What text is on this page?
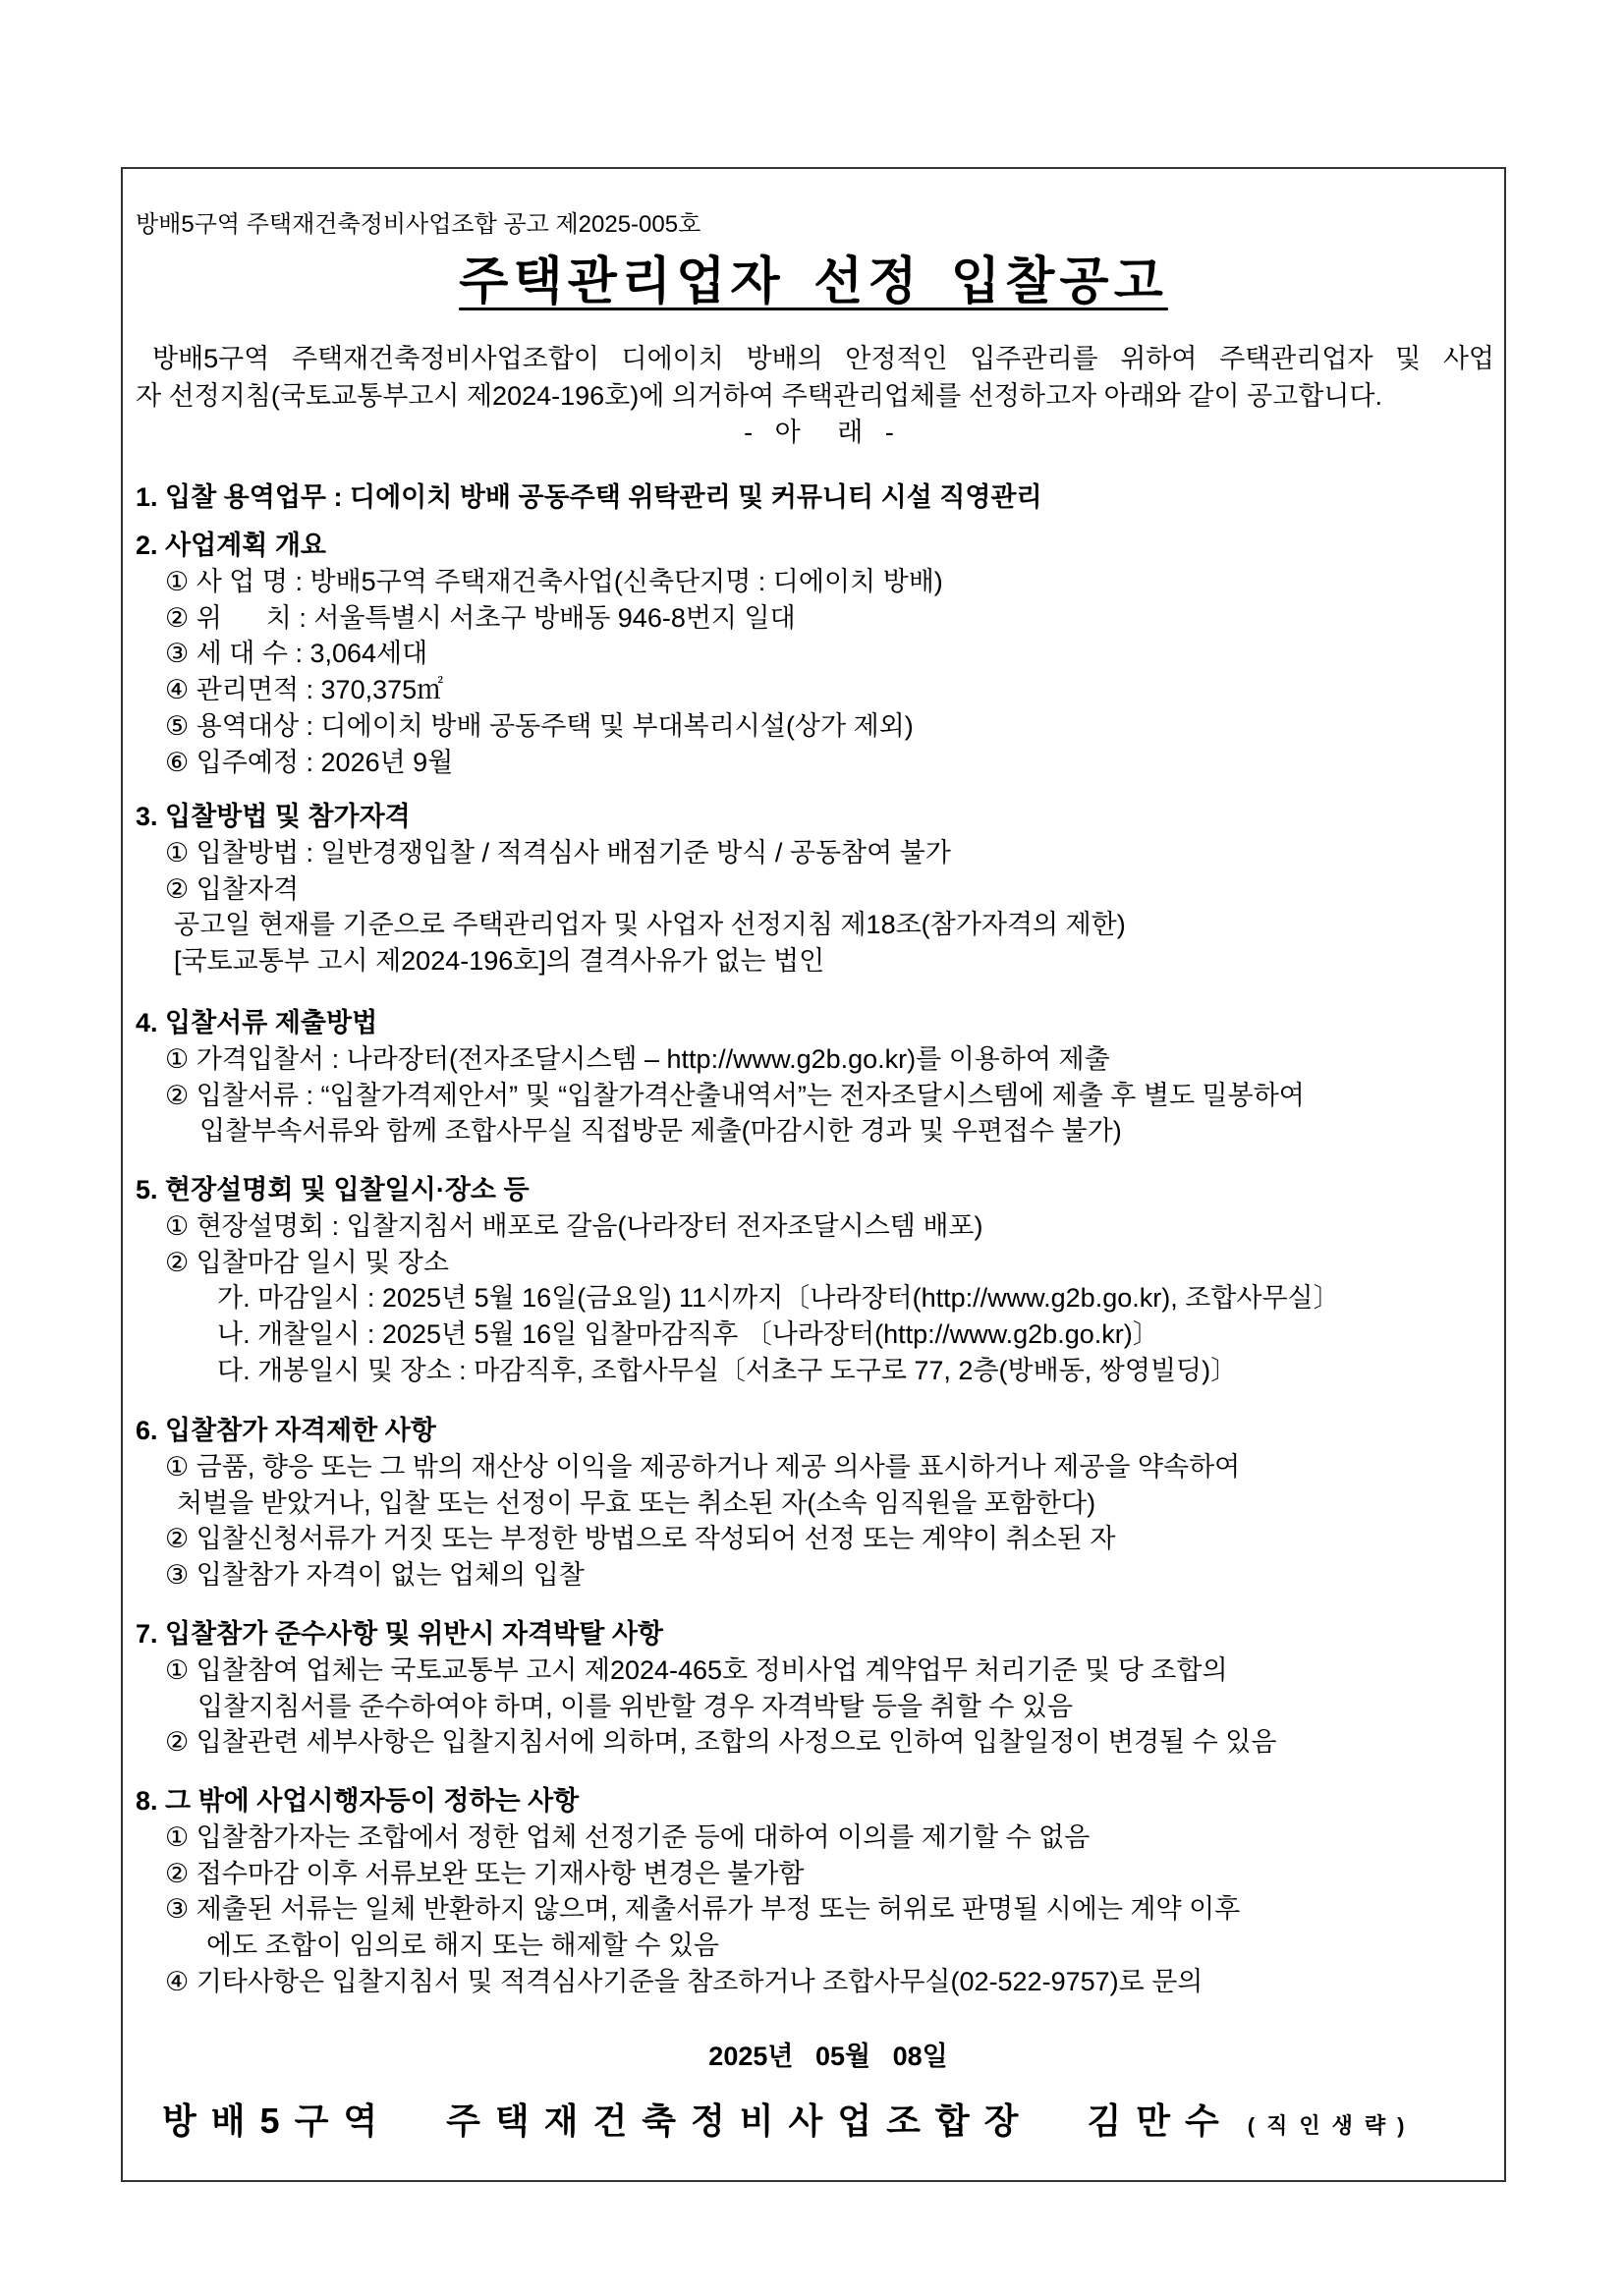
방배5구역 주택재건축정비사업조합 공고 제2025-005호
주택관리업자 선정 입찰공고
방배5구역 주택재건축정비사업조합이 디에이치 방배의 안정적인 입주관리를 위하여 주택관리업자 및 사업
자 선정지침(국토교통부고시 제2024-196호)에 의거하여 주택관리업체를 선정하고자 아래와 같이 공고합니다.
-   아     래   -
1. 입찰 용역업무 : 디에이치 방배 공동주택 위탁관리 및 커뮤니티 시설 직영관리
2. 사업계획 개요
① 사 업 명 : 방배5구역 주택재건축사업(신축단지명 : 디에이치 방배)
② 위      치 : 서울특별시 서초구 방배동 946-8번지 일대
③ 세 대 수 : 3,064세대
④ 관리면적 : 370,375㎡
⑤ 용역대상 : 디에이치 방배 공동주택 및 부대복리시설(상가 제외)
⑥ 입주예정 : 2026년 9월
3. 입찰방법 및 참가자격
① 입찰방법 : 일반경쟁입찰 / 적격심사 배점기준 방식 / 공동참여 불가
② 입찰자격
공고일 현재를 기준으로 주택관리업자 및 사업자 선정지침 제18조(참가자격의 제한)
[국토교통부 고시 제2024-196호]의 결격사유가 없는 법인
4. 입찰서류 제출방법
① 가격입찰서 : 나라장터(전자조달시스템 – http://www.g2b.go.kr)를 이용하여 제출
② 입찰서류 : “입찰가격제안서” 및 “입찰가격산출내역서”는 전자조달시스템에 제출 후 별도 밀봉하여
입찰부속서류와 함께 조합사무실 직접방문 제출(마감시한 경과 및 우편접수 불가)
5. 현장설명회 및 입찰일시·장소 등
① 현장설명회 : 입찰지침서 배포로 갈음(나라장터 전자조달시스템 배포)
② 입찰마감 일시 및 장소
가. 마감일시 : 2025년 5월 16일(금요일) 11시까지〔나라장터(http://www.g2b.go.kr), 조합사무실〕
나. 개찰일시 : 2025년 5월 16일 입찰마감직후 〔나라장터(http://www.g2b.go.kr)〕
다. 개봉일시 및 장소 : 마감직후, 조합사무실〔서초구 도구로 77, 2층(방배동, 쌍영빌딩)〕
6. 입찰참가 자격제한 사항
① 금품, 향응 또는 그 밖의 재산상 이익을 제공하거나 제공 의사를 표시하거나 제공을 약속하여
처벌을 받았거나, 입찰 또는 선정이 무효 또는 취소된 자(소속 임직원을 포함한다)
② 입찰신청서류가 거짓 또는 부정한 방법으로 작성되어 선정 또는 계약이 취소된 자
③ 입찰참가 자격이 없는 업체의 입찰
7. 입찰참가 준수사항 및 위반시 자격박탈 사항
① 입찰참여 업체는 국토교통부 고시 제2024-465호 정비사업 계약업무 처리기준 및 당 조합의
입찰지침서를 준수하여야 하며, 이를 위반할 경우 자격박탈 등을 취할 수 있음
② 입찰관련 세부사항은 입찰지침서에 의하며, 조합의 사정으로 인하여 입찰일정이 변경될 수 있음
8. 그 밖에 사업시행자등이 정하는 사항
① 입찰참가자는 조합에서 정한 업체 선정기준 등에 대하여 이의를 제기할 수 없음
② 접수마감 이후 서류보완 또는 기재사항 변경은 불가함
③ 제출된 서류는 일체 반환하지 않으며, 제출서류가 부정 또는 허위로 판명될 시에는 계약 이후
에도 조합이 임의로 해지 또는 해제할 수 있음
④ 기타사항은 입찰지침서 및 적격심사기준을 참조하거나 조합사무실(02-522-9757)로 문의
2025년   05월   08일
방배5구역 주택재건축정비사업조합장 김만수 (직인생략)
